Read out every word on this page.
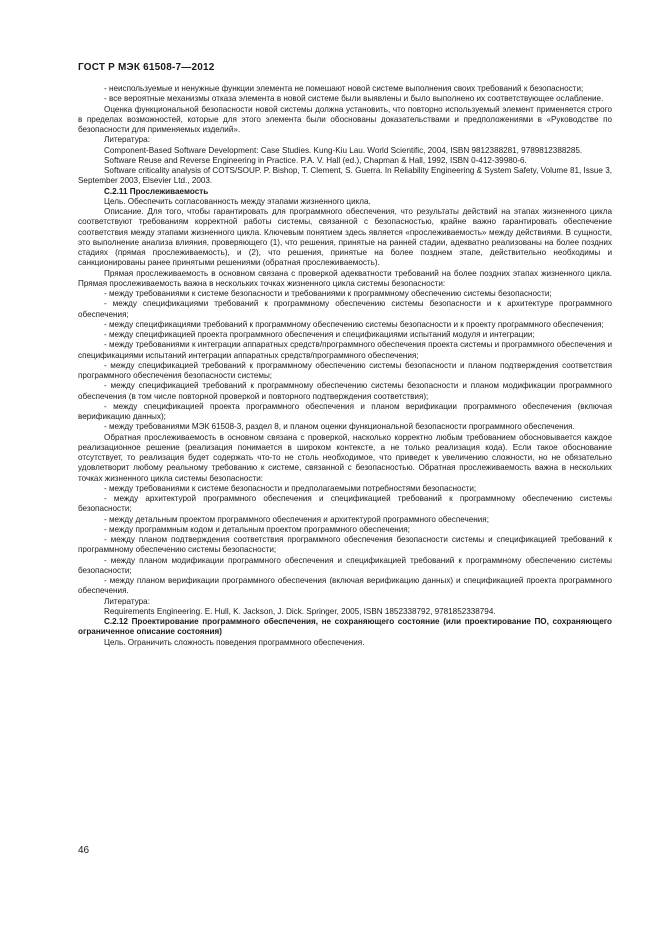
ГОСТ Р МЭК 61508-7—2012

- неиспользуемые и ненужные функции элемента не помешают новой системе выполнения своих требований к безопасности;

- все вероятные механизмы отказа элемента в новой системе были выявлены и было выполнено их соответствующее ослабление.

Оценка функциональной безопасности новой системы должна установить, что повторно используемый элемент применяется строго в пределах возможностей, которые для этого элемента были обоснованы доказательствами и предположениями в «Руководстве по безопасности для применяемых изделий».

Литература:

Component-Based Software Development: Case Studies. Kung-Kiu Lau. World Scientific, 2004, ISBN 9812388281, 9789812388285.

Software Reuse and Reverse Engineering in Practice. P.A. V. Hall (ed.), Chapman & Hall, 1992, ISBN 0-412-39980-6.

Software criticality analysis of COTS/SOUP. P. Bishop, T. Clement, S. Guerra. In Reliability Engineering & System Safety, Volume 81, Issue 3, September 2003, Elsevier Ltd., 2003.

С.2.11 Прослеживаемость

Цель. Обеспечить согласованность между этапами жизненного цикла.

Описание. Для того, чтобы гарантировать для программного обеспечения, что результаты действий на этапах жизненного цикла соответствуют требованиям корректной работы системы, связанной с безопасностью, крайне важно гарантировать обеспечение соответствия между этапами жизненного цикла. Ключевым понятием здесь является «прослеживаемость» между действиями. В сущности, это выполнение анализа влияния, проверяющего (1), что решения, принятые на ранней стадии, адекватно реализованы на более поздних стадиях (прямая прослеживаемость), и (2), что решения, принятые на более позднем этапе, действительно необходимы и санкционированы ранее принятыми решениями (обратная прослеживаемость).

Прямая прослеживаемость в основном связана с проверкой адекватности требований на более поздних этапах жизненного цикла. Прямая прослеживаемость важна в нескольких точках жизненного цикла системы безопасности:

- между требованиями к системе безопасности и требованиями к программному обеспечению системы безопасности;

- между спецификациями требований к программному обеспечению системы безопасности и к архитектуре программного обеспечения;

- между спецификациями требований к программному обеспечению системы безопасности и к проекту программного обеспечения;

- между спецификацией проекта программного обеспечения и спецификациями испытаний модуля и интеграции;

- между требованиями к интеграции аппаратных средств/программного обеспечения проекта системы и программного обеспечения и спецификациями испытаний интеграции аппаратных средств/программного обеспечения;

- между спецификацией требований к программному обеспечению системы безопасности и планом подтверждения соответствия программного обеспечения безопасности системы;

- между спецификацией требований к программному обеспечению системы безопасности и планом модификации программного обеспечения (в том числе повторной проверкой и повторного подтверждения соответствия);

- между спецификацией проекта программного обеспечения и планом верификации программного обеспечения (включая верификацию данных);

- между требованиями МЭК 61508-3, раздел 8, и планом оценки функциональной безопасности программного обеспечения.

Обратная прослеживаемость в основном связана с проверкой, насколько корректно любым требованием обосновывается каждое реализационное решение (реализация понимается в широком контексте, а не только реализация кода). Если такое обоснование отсутствует, то реализация будет содержать что-то не столь необходимое, что приведет к увеличению сложности, но не обязательно удовлетворит любому реальному требованию к системе, связанной с безопасностью. Обратная прослеживаемость важна в нескольких точках жизненного цикла системы безопасности:

- между требованиями к системе безопасности и предполагаемыми потребностями безопасности;

- между архитектурой программного обеспечения и спецификацией требований к программному обеспечению системы безопасности;

- между детальным проектом программного обеспечения и архитектурой программного обеспечения;

- между программным кодом и детальным проектом программного обеспечения;

- между планом подтверждения соответствия программного обеспечения безопасности системы и спецификацией требований к программному обеспечению системы безопасности;

- между планом модификации программного обеспечения и спецификацией требований к программному обеспечению системы безопасности;

- между планом верификации программного обеспечения (включая верификацию данных) и спецификацией проекта программного обеспечения.

Литература:

Requirements Engineering. E. Hull, K. Jackson, J. Dick. Springer, 2005, ISBN 1852338792, 9781852338794.

С.2.12 Проектирование программного обеспечения, не сохраняющего состояние (или проектирование ПО, сохраняющего ограниченное описание состояния)

Цель. Ограничить сложность поведения программного обеспечения.

46
